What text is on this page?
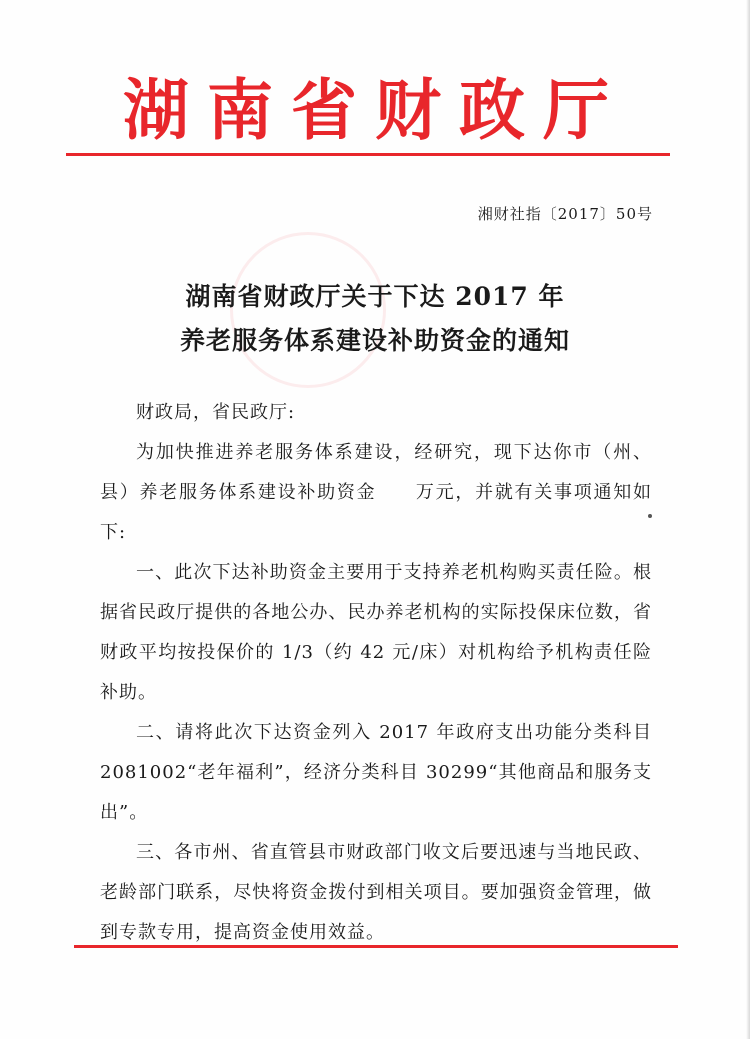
湖南省财政厅
湘财社指〔2017〕50号
湖南省财政厅关于下达 2017 年
养老服务体系建设补助资金的通知

财政局，省民政厅:

为加快推进养老服务体系建设，经研究，现下达你市（州、县）养老服务体系建设补助资金　　万元，并就有关事项通知如下:

一、此次下达补助资金主要用于支持养老机构购买责任险。根据省民政厅提供的各地公办、民办养老机构的实际投保床位数，省财政平均按投保价的 1/3（约 42 元/床）对机构给予机构责任险补助。

二、请将此次下达资金列入 2017 年政府支出功能分类科目 2081002“老年福利”，经济分类科目 30299“其他商品和服务支出”。

三、各市州、省直管县市财政部门收文后要迅速与当地民政、老龄部门联系，尽快将资金拨付到相关项目。要加强资金管理，做到专款专用，提高资金使用效益。
